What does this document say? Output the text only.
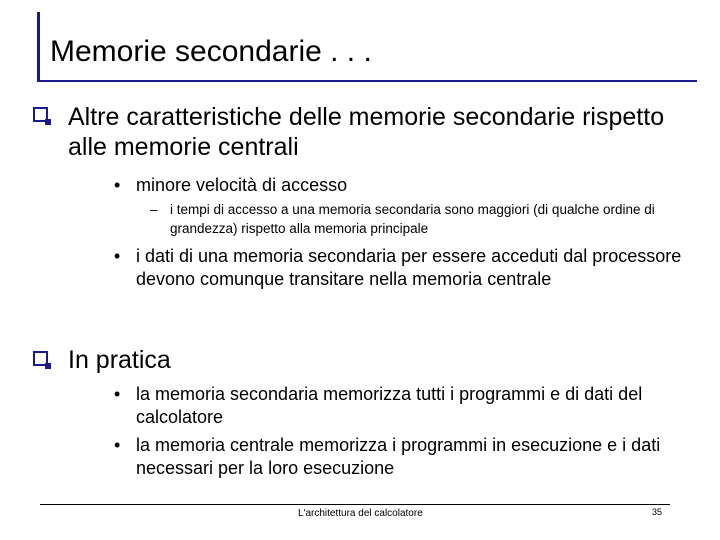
Memorie secondarie . . .
Altre caratteristiche delle memorie secondarie rispetto alle memorie centrali
• minore velocità di accesso
– i tempi di accesso a una memoria secondaria sono maggiori (di qualche ordine di grandezza) rispetto alla memoria principale
• i dati di una memoria secondaria per essere acceduti dal processore devono comunque transitare nella memoria centrale
In pratica
• la memoria secondaria memorizza tutti i programmi e di dati del calcolatore
• la memoria centrale memorizza i programmi in esecuzione e i dati necessari per la loro esecuzione
L'architettura del calcolatore	35
